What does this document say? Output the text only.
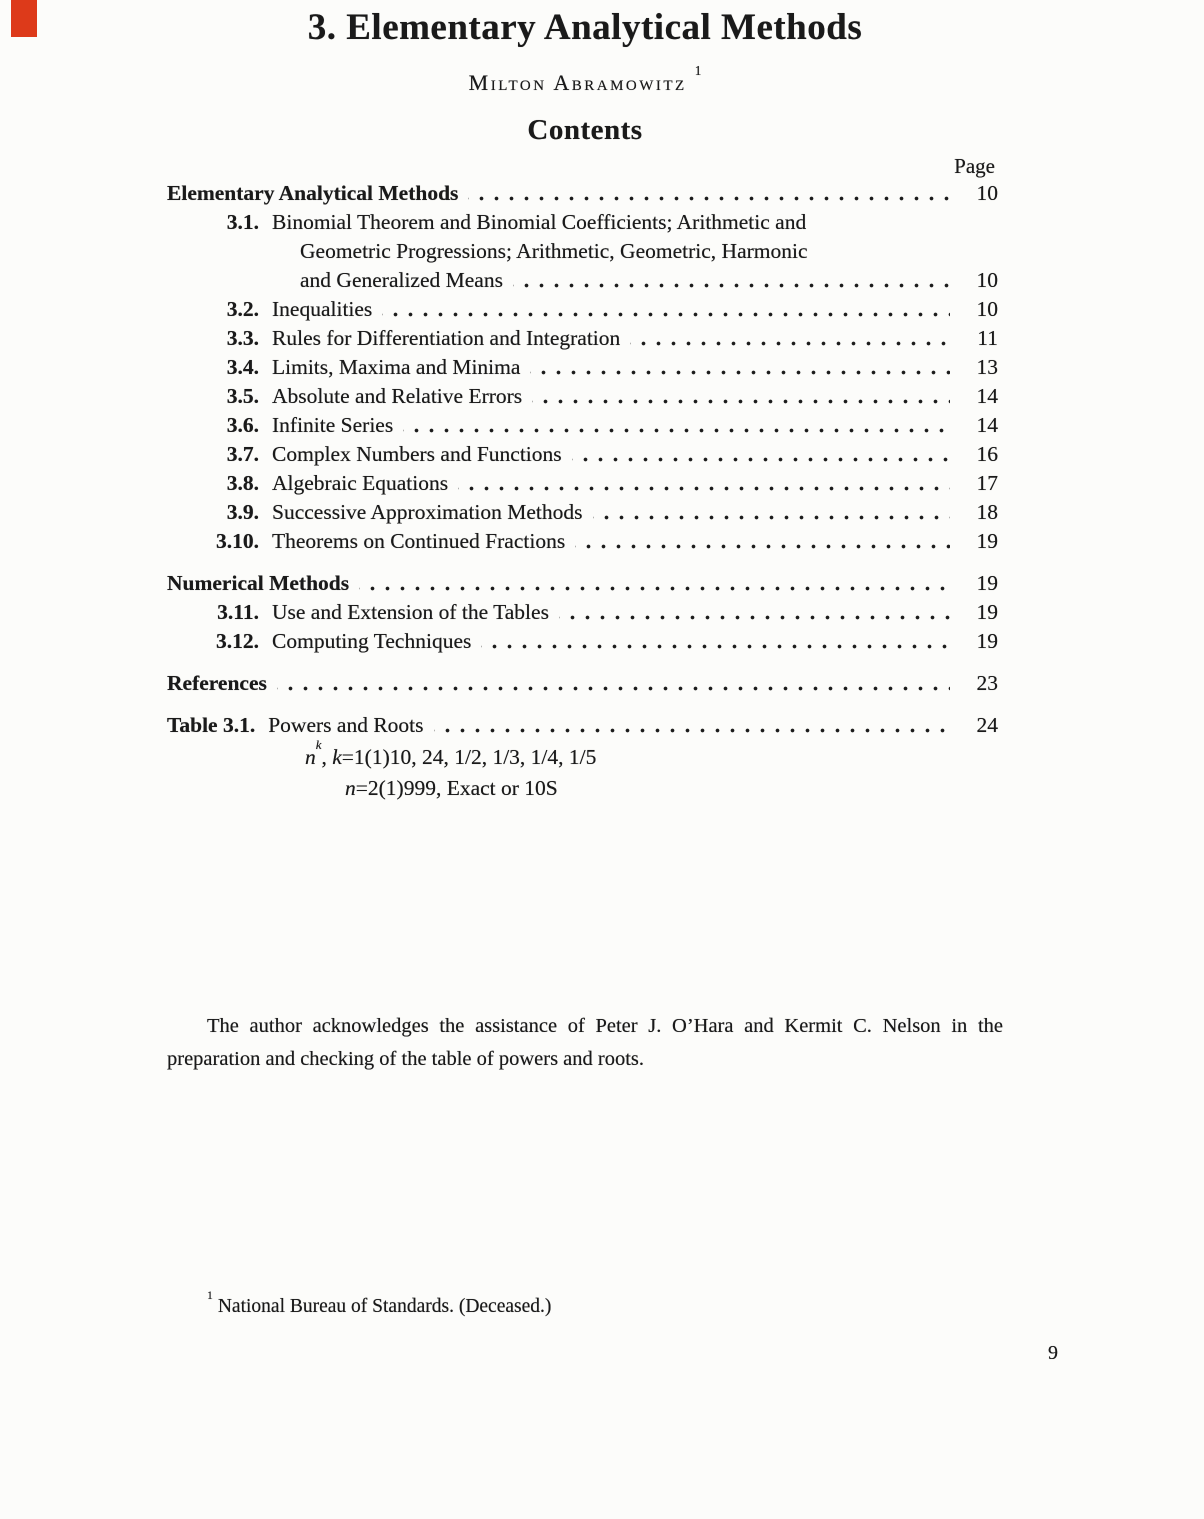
3. Elementary Analytical Methods
Milton Abramowitz $^1$
Contents
Page
Elementary Analytical Methods	10
3.1. Binomial Theorem and Binomial Coefficients; Arithmetic and
Geometric Progressions; Arithmetic, Geometric, Harmonic
and Generalized Means	10
3.2. Inequalities	10
3.3. Rules for Differentiation and Integration	11
3.4. Limits, Maxima and Minima	13
3.5. Absolute and Relative Errors	14
3.6. Infinite Series	14
3.7. Complex Numbers and Functions	16
3.8. Algebraic Equations	17
3.9. Successive Approximation Methods	18
3.10. Theorems on Continued Fractions	19
Numerical Methods	19
3.11. Use and Extension of the Tables	19
3.12. Computing Techniques	19
References	23
Table 3.1. Powers and Roots	24
$n^k$, k=1(1)10, 24, 1/2, 1/3, 1/4, 1/5
n=2(1)999, Exact or 10S
The author acknowledges the assistance of Peter J. O’Hara and Kermit C. Nelson in the preparation and checking of the table of powers and roots.
$^1$National Bureau of Standards. (Deceased.)
9
